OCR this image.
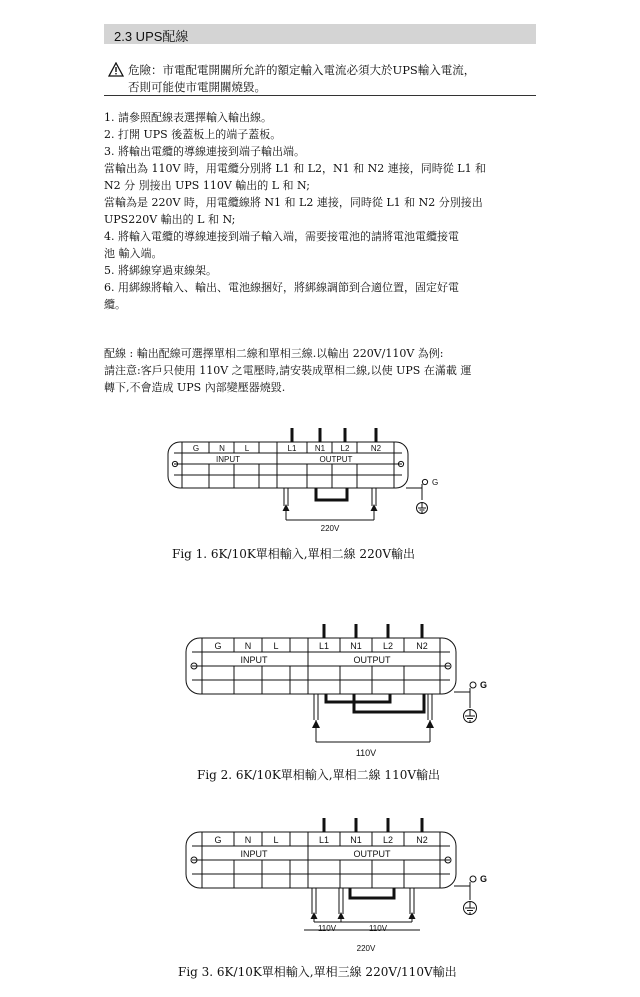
2.3 UPS配線
危險：市電配電開關所允許的額定輸入電流必須大於UPS輸入電流，
否則可能使市電開關燒毀。
1. 請參照配線表選擇輸入輸出線。
2. 打開 UPS 後蓋板上的端子蓋板。
3. 將輸出電纜的導線連接到端子輸出端。
當輸出為 110V 時，用電纜分別將 L1 和 L2，N1 和 N2 連接，同時從 L1 和
N2 分 別接出 UPS 110V 輸出的 L 和 N;
當輸為是 220V 時，用電纜線將 N1 和 L2 連接，同時從 L1 和 N2 分別接出
UPS220V 輸出的 L 和 N;
4. 將輸入電纜的導線連接到端子輸入端，需要接電池的請將電池電纜接電
池 輸入端。
5. 將綁線穿過束線架。
6. 用綁線將輸入、輸出、電池線捆好，將綁線調節到合適位置，固定好電
纜。
配線 : 輸出配線可選擇單相二線和單相三線.以輸出 220V/110V 為例:
請注意:客戶只使用 110V 之電壓時,請安裝成單相二線,以使 UPS 在滿載 運
轉下,不會造成 UPS 內部變壓器燒毀.
G N L	L1 N1 L2	N2
INPUT	OUTPUT
G
220V
Fig 1. 6K/10K單相輸入,單相二線 220V輸出
G	N L	L1 N1 L2	N2
INPUT	OUTPUT
G
110V
Fig 2. 6K/10K單相輸入,單相二線 110V輸出
G	N L	L1 N1 L2	N2
INPUT	OUTPUT
G
110V	110V
220V
Fig 3. 6K/10K單相輸入,單相三線 220V/110V輸出
